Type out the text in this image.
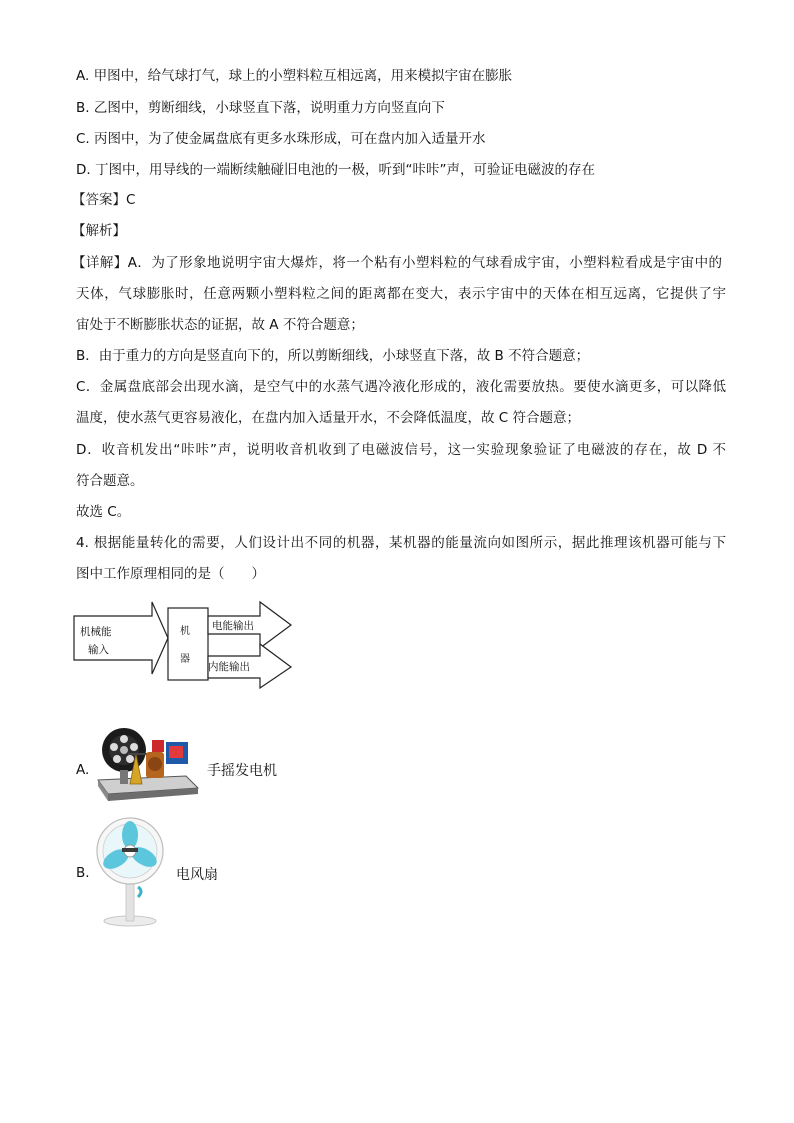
A. 甲图中，给气球打气，球上的小塑料粒互相远离，用来模拟宇宙在膨胀
B. 乙图中，剪断细线，小球竖直下落，说明重力方向竖直向下
C. 丙图中，为了使金属盘底有更多水珠形成，可在盘内加入适量开水
D. 丁图中，用导线的一端断续触碰旧电池的一极，听到“咔咔”声，可验证电磁波的存在
【答案】C
【解析】
【详解】A．为了形象地说明宇宙大爆炸，将一个粘有小塑料粒的气球看成宇宙，小塑料粒看成是宇宙中的
天体，气球膨胀时，任意两颗小塑料粒之间的距离都在变大，表示宇宙中的天体在相互远离，它提供了宇
宙处于不断膨胀状态的证据，故 A 不符合题意；
B．由于重力的方向是竖直向下的，所以剪断细线，小球竖直下落，故 B 不符合题意；
C．金属盘底部会出现水滴，是空气中的水蒸气遇冷液化形成的，液化需要放热。要使水滴更多，可以降低
温度，使水蒸气更容易液化，在盘内加入适量开水，不会降低温度，故 C 符合题意；
D．收音机发出“咔咔”声，说明收音机收到了电磁波信号，这一实验现象验证了电磁波的存在，故 D 不
符合题意。
故选 C。
4. 根据能量转化的需要，人们设计出不同的机器，某机器的能量流向如图所示，据此推理该机器可能与下
图中工作原理相同的是（　　）
机械能
输入
机
器
电能输出
内能输出
A.	手摇发电机
B.	电风扇
